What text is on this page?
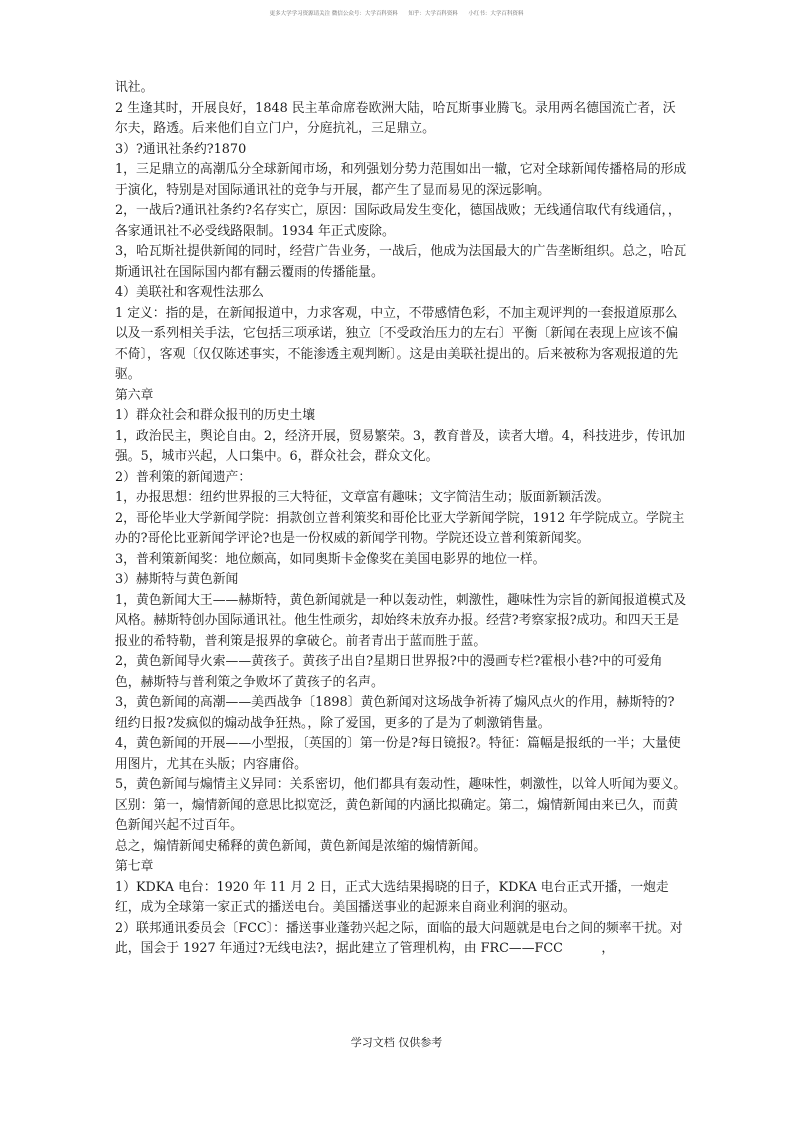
更多大学学习资源请关注 微信公众号：大学百科资料      知乎：大学百科资料      小红书：大学百科资料

讯社。

2 生逢其时，开展良好，1848 民主革命席卷欧洲大陆，哈瓦斯事业腾飞。录用两名德国流亡者，沃尔夫，路透。后来他们自立门户，分庭抗礼，三足鼎立。

3）?通讯社条约?1870

1，三足鼎立的高潮瓜分全球新闻市场，和列强划分势力范围如出一辙，它对全球新闻传播格局的形成于演化，特别是对国际通讯社的竞争与开展，都产生了显而易见的深远影响。

2，一战后?通讯社条约?名存实亡，原因：国际政局发生变化，德国战败；无线通信取代有线通信，，各家通讯社不必受线路限制。1934 年正式废除。

3，哈瓦斯社提供新闻的同时，经营广告业务，一战后，他成为法国最大的广告垄断组织。总之，哈瓦斯通讯社在国际国内都有翻云覆雨的传播能量。

4）美联社和客观性法那么

1 定义：指的是，在新闻报道中，力求客观，中立，不带感情色彩，不加主观评判的一套报道原那么以及一系列相关手法，它包括三项承诺，独立〔不受政治压力的左右〕平衡〔新闻在表现上应该不偏不倚〕，客观〔仅仅陈述事实，不能渗透主观判断〕。这是由美联社提出的。后来被称为客观报道的先驱。

第六章

1）群众社会和群众报刊的历史土壤

1，政治民主，舆论自由。2，经济开展，贸易繁荣。3，教育普及，读者大增。4，科技进步，传讯加强。5，城市兴起，人口集中。6，群众社会，群众文化。

2）普利策的新闻遗产：

1，办报思想：纽约世界报的三大特征，文章富有趣味；文字简洁生动；版面新颖活泼。

2，哥伦毕业大学新闻学院：捐款创立普利策奖和哥伦比亚大学新闻学院，1912 年学院成立。学院主办的?哥伦比亚新闻学评论?也是一份权威的新闻学刊物。学院还设立普利策新闻奖。

3，普利策新闻奖：地位颇高，如同奥斯卡金像奖在美国电影界的地位一样。

3）赫斯特与黄色新闻

1，黄色新闻大王——赫斯特，黄色新闻就是一种以轰动性，刺激性，趣味性为宗旨的新闻报道模式及风格。赫斯特创办国际通讯社。他生性顽劣，却始终未放弃办报。经营?考察家报?成功。和四天王是报业的希特勒，普利策是报界的拿破仑。前者青出于蓝而胜于蓝。

2，黄色新闻导火索——黄孩子。黄孩子出自?星期日世界报?中的漫画专栏?霍根小巷?中的可爱角色，赫斯特与普利策之争败坏了黄孩子的名声。

3，黄色新闻的高潮——美西战争〔1898〕黄色新闻对这场战争祈祷了煽风点火的作用，赫斯特的?纽约日报?发疯似的煽动战争狂热。，除了爱国，更多的了是为了刺激销售量。

4，黄色新闻的开展——小型报，〔英国的〕第一份是?每日镜报?。特征：篇幅是报纸的一半；大量使用图片，尤其在头版；内容庸俗。

5，黄色新闻与煽情主义异同：关系密切，他们都具有轰动性，趣味性，刺激性，以耸人听闻为要义。

区别：第一，煽情新闻的意思比拟宽泛，黄色新闻的内涵比拟确定。第二，煽情新闻由来已久，而黄色新闻兴起不过百年。

总之，煽情新闻史稀释的黄色新闻，黄色新闻是浓缩的煽情新闻。

第七章

1）KDKA 电台：1920 年 11 月 2 日，正式大选结果揭晓的日子，KDKA 电台正式开播，一炮走红，成为全球第一家正式的播送电台。美国播送事业的起源来自商业利润的驱动。

2）联邦通讯委员会〔FCC〕：播送事业蓬勃兴起之际，面临的最大问题就是电台之间的频率干扰。对此，国会于 1927 年通过?无线电法?，据此建立了管理机构，由 FRC——FCC　　　，

学习文档 仅供参考
